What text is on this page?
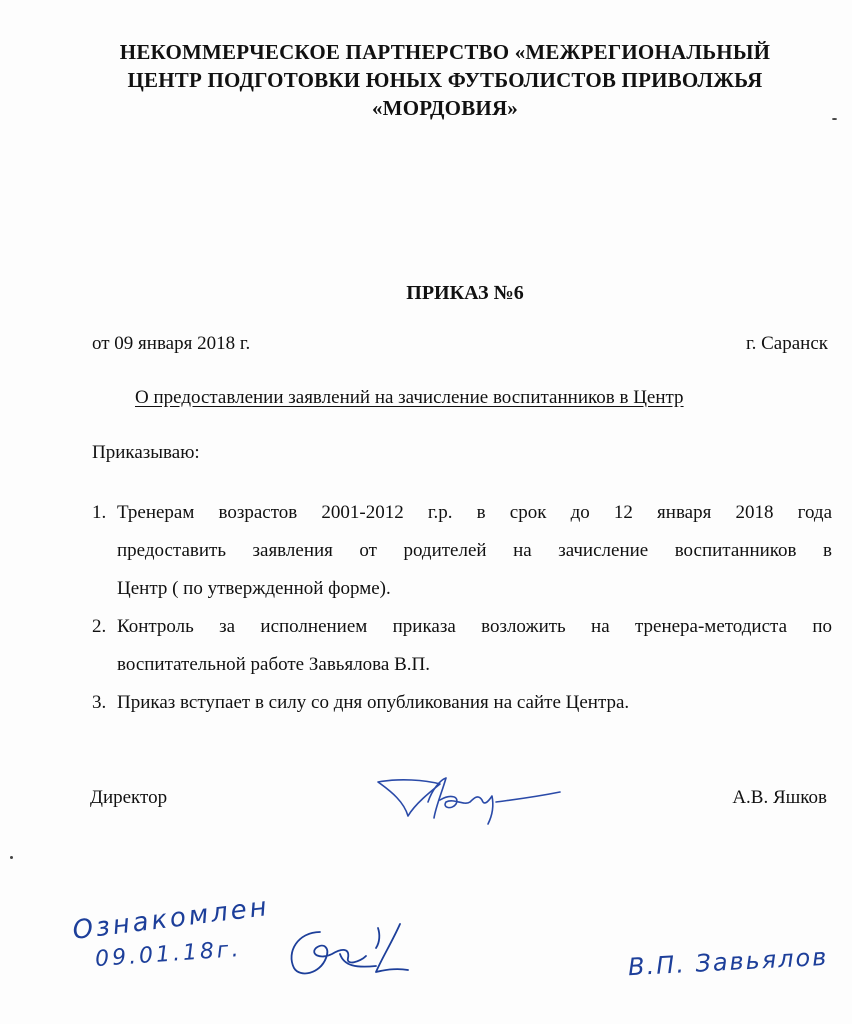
НЕКОММЕРЧЕСКОЕ ПАРТНЕРСТВО «МЕЖРЕГИОНАЛЬНЫЙ
ЦЕНТР ПОДГОТОВКИ ЮНЫХ ФУТБОЛИСТОВ ПРИВОЛЖЬЯ
«МОРДОВИЯ»
ПРИКАЗ №6
от 09 января 2018 г.	г. Саранск
О предоставлении заявлений на зачисление воспитанников в Центр
Приказываю:
1. Тренерам возрастов 2001-2012 г.р. в срок до 12 января 2018 года
предоставить заявления от родителей на зачисление воспитанников в
Центр ( по утвержденной форме).
2. Контроль за исполнением приказа возложить на тренера-методиста по
воспитательной работе Завьялова В.П.
3. Приказ вступает в силу со дня опубликования на сайте Центра.
Директор	А.В. Яшков
Ознакомлен
09.01.18г.	В.П. Завьялов
